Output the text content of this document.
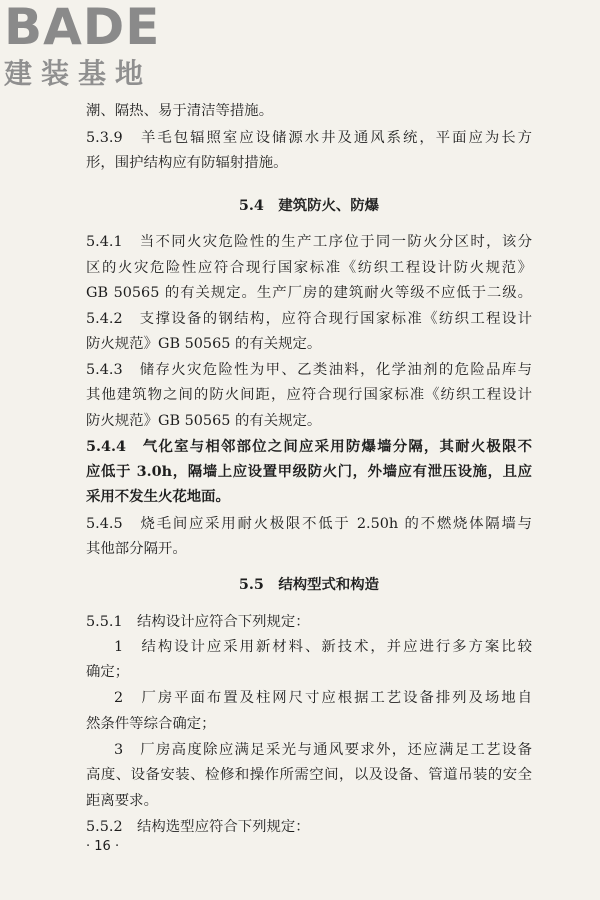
BADE
建装基地
潮、隔热、易于清洁等措施。
5.3.9　羊毛包辐照室应设储源水井及通风系统，平面应为长方
形，围护结构应有防辐射措施。
5.4　建筑防火、防爆
5.4.1　当不同火灾危险性的生产工序位于同一防火分区时，该分
区的火灾危险性应符合现行国家标准《纺织工程设计防火规范》
GB 50565 的有关规定。生产厂房的建筑耐火等级不应低于二级。
5.4.2　支撑设备的钢结构，应符合现行国家标准《纺织工程设计
防火规范》GB 50565 的有关规定。
5.4.3　储存火灾危险性为甲、乙类油料，化学油剂的危险品库与
其他建筑物之间的防火间距，应符合现行国家标准《纺织工程设计
防火规范》GB 50565 的有关规定。
5.4.4　气化室与相邻部位之间应采用防爆墙分隔，其耐火极限不
应低于 3.0h，隔墙上应设置甲级防火门，外墙应有泄压设施，且应
采用不发生火花地面。
5.4.5　烧毛间应采用耐火极限不低于 2.50h 的不燃烧体隔墙与
其他部分隔开。
5.5　结构型式和构造
5.5.1　结构设计应符合下列规定：
1　结构设计应采用新材料、新技术，并应进行多方案比较
确定；
2　厂房平面布置及柱网尺寸应根据工艺设备排列及场地自
然条件等综合确定；
3　厂房高度除应满足采光与通风要求外，还应满足工艺设备
高度、设备安装、检修和操作所需空间，以及设备、管道吊装的安全
距离要求。
5.5.2　结构选型应符合下列规定：
· 16 ·
